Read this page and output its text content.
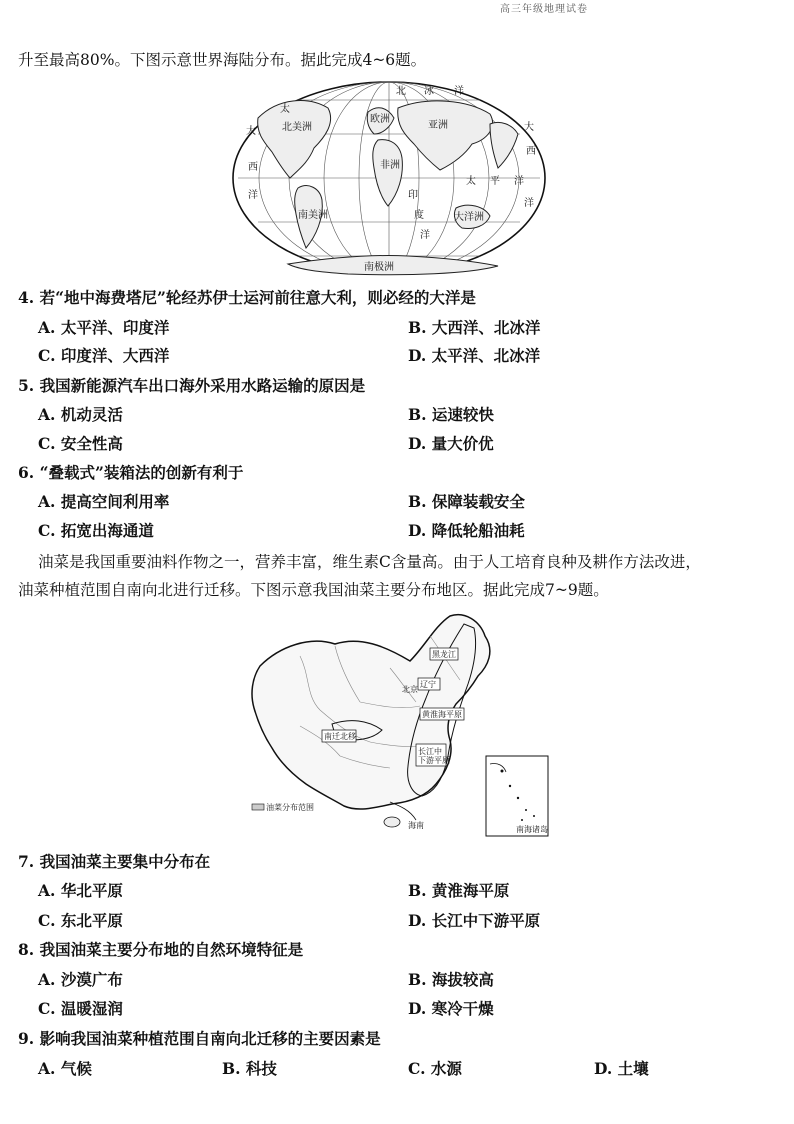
高三年级地理试卷
升至最高80%。下图示意世界海陆分布。据此完成4~6题。
太
大
西
洋
北 冰 洋
北美洲
欧洲
亚洲
非洲
印
度
洋
太 平 洋
大洋洲
南美洲
大
西
洋
南极洲
4. 若“地中海费塔尼”轮经苏伊士运河前往意大利，则必经的大洋是
A. 太平洋、印度洋	B. 大西洋、北冰洋
C. 印度洋、大西洋	D. 太平洋、北冰洋
5. 我国新能源汽车出口海外采用水路运输的原因是
A. 机动灵活	B. 运速较快
C. 安全性高	D. 量大价优
6. “叠载式”装箱法的创新有利于
A. 提高空间利用率	B. 保障装载安全
C. 拓宽出海通道	D. 降低轮船油耗
油菜是我国重要油料作物之一，营养丰富，维生素C含量高。由于人工培育良种及耕作方法改进，
油菜种植范围自南向北进行迁移。下图示意我国油菜主要分布地区。据此完成7~9题。
黑龙江
辽宁
北京
黄淮海平原
南迁北移
长江中
下游平原
海南
油菜分布范围
南海诸岛
7. 我国油菜主要集中分布在
A. 华北平原	B. 黄淮海平原
C. 东北平原	D. 长江中下游平原
8. 我国油菜主要分布地的自然环境特征是
A. 沙漠广布	B. 海拔较高
C. 温暖湿润	D. 寒冷干燥
9. 影响我国油菜种植范围自南向北迁移的主要因素是
A. 气候	B. 科技	C. 水源	D. 土壤
